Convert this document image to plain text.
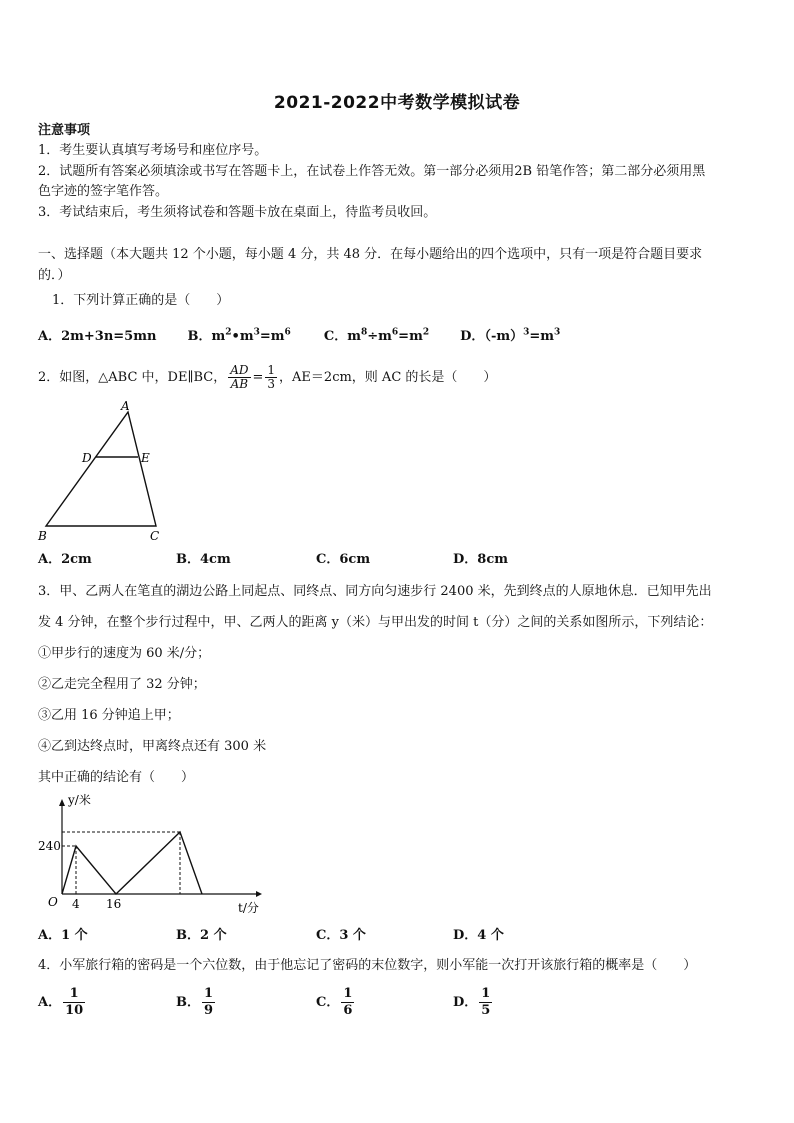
2021-2022中考数学模拟试卷
注意事项
1．考生要认真填写考场号和座位序号。
2．试题所有答案必须填涂或书写在答题卡上，在试卷上作答无效。第一部分必须用2B 铅笔作答；第二部分必须用黑
色字迹的签字笔作答。
3．考试结束后，考生须将试卷和答题卡放在桌面上，待监考员收回。
一、选择题（本大题共 12 个小题，每小题 4 分，共 48 分．在每小题给出的四个选项中，只有一项是符合题目要求
的．）
1．下列计算正确的是（　　）
A．2m+3n=5mn B．$m^2•m^3=m^6$	C．$m^8\div m^6=m^2$ D．$(-m)^3=m^3$
2．如图，△ABC 中，DE∥BC， $\frac{AD}{AB} = \frac{1}{3}$ ，AE＝2cm，则 AC 的长是（　　）
A
D	E
B	C
A．2cm	B．4cm	C．6cm	D．8cm
3．甲、乙两人在笔直的湖边公路上同起点、同终点、同方向匀速步行 2400 米，先到终点的人原地休息．已知甲先出
发 4 分钟，在整个步行过程中，甲、乙两人的距离 y（米）与甲出发的时间 t（分）之间的关系如图所示，下列结论：
①甲步行的速度为 60 米/分；
②乙走完全程用了 32 分钟；
③乙用 16 分钟追上甲；
④乙到达终点时，甲离终点还有 300 米
其中正确的结论有（　　）
y/米
t/分
O
240
4 16
A．1 个	B．2 个	C．3 个	D．4 个
4．小军旅行箱的密码是一个六位数，由于他忘记了密码的末位数字，则小军能一次打开该旅行箱的概率是（　　）
A． $\frac{1}{10}$	B． $\frac{1}{9}$	C． $\frac{1}{6}$	D． $\frac{1}{5}$
